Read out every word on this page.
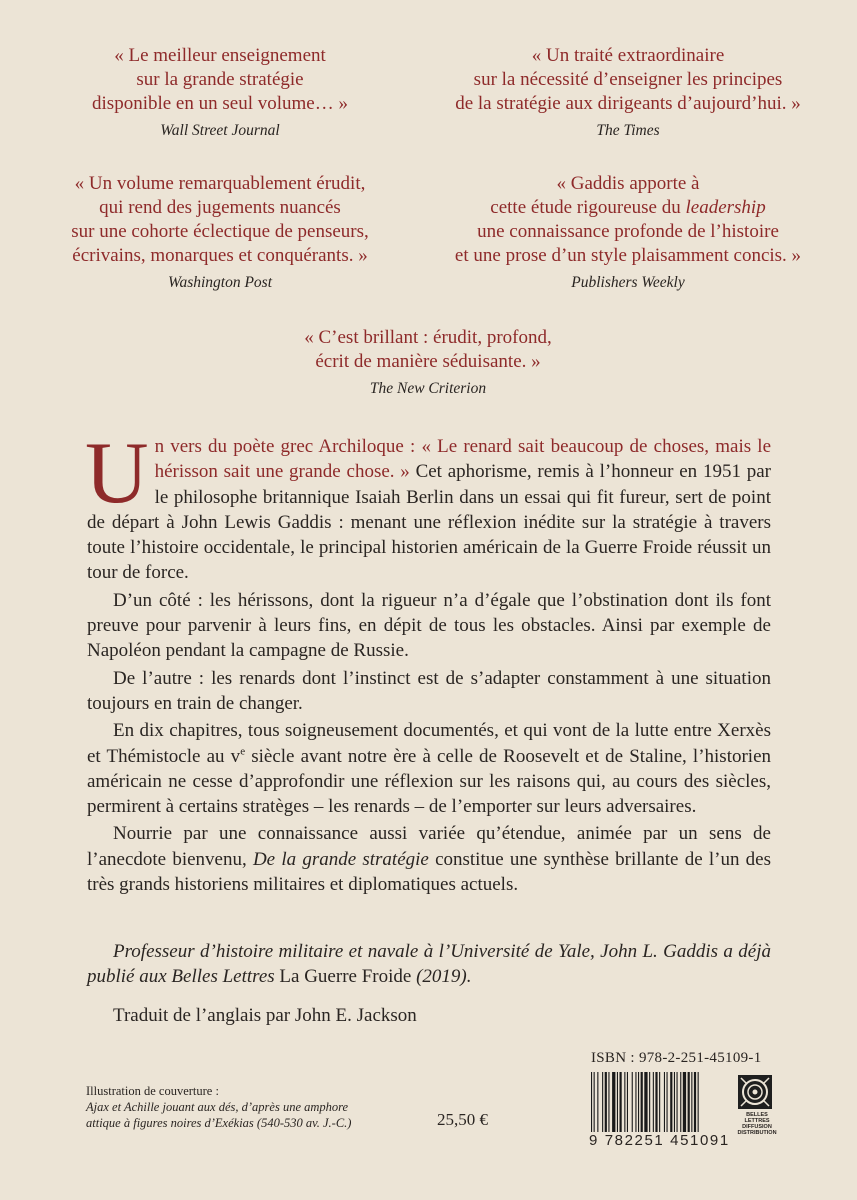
« Le meilleur enseignement
sur la grande stratégie
disponible en un seul volume… »
Wall Street Journal
« Un traité extraordinaire
sur la nécessité d’enseigner les principes
de la stratégie aux dirigeants d’aujourd’hui. »
The Times
« Un volume remarquablement érudit,
qui rend des jugements nuancés
sur une cohorte éclectique de penseurs,
écrivains, monarques et conquérants. »
Washington Post
« Gaddis apporte à
cette étude rigoureuse du leadership
une connaissance profonde de l’histoire
et une prose d’un style plaisamment concis. »
Publishers Weekly
« C’est brillant : érudit, profond,
écrit de manière séduisante. »
The New Criterion

Un vers du poète grec Archiloque : « Le renard sait beaucoup de choses, mais le hérisson sait une grande chose. » Cet aphorisme, remis à l’honneur en 1951 par le philosophe britannique Isaiah Berlin dans un essai qui fit fureur, sert de point de départ à John Lewis Gaddis : menant une réflexion inédite sur la stratégie à travers toute l’histoire occidentale, le principal historien américain de la Guerre Froide réussit un tour de force.

D’un côté : les hérissons, dont la rigueur n’a d’égale que l’obstination dont ils font preuve pour parvenir à leurs fins, en dépit de tous les obstacles. Ainsi par exemple de Napoléon pendant la campagne de Russie.

De l’autre : les renards dont l’instinct est de s’adapter constamment à une situation toujours en train de changer.

En dix chapitres, tous soigneusement documentés, et qui vont de la lutte entre Xerxès et Thémistocle au $v^e$ siècle avant notre ère à celle de Roosevelt et de Staline, l’historien américain ne cesse d’approfondir une réflexion sur les raisons qui, au cours des siècles, permirent à certains stratèges – les renards – de l’emporter sur leurs adversaires.

Nourrie par une connaissance aussi variée qu’étendue, animée par un sens de l’anecdote bienvenu, De la grande stratégie constitue une synthèse brillante de l’un des très grands historiens militaires et diplomatiques actuels.

Professeur d’histoire militaire et navale à l’Université de Yale, John L. Gaddis a déjà publié aux Belles Lettres La Guerre Froide (2019).
Traduit de l’anglais par John E. Jackson
Illustration de couverture :
Ajax et Achille jouant aux dés, d’après une amphore
attique à figures noires d’Exékias (540-530 av. J.-C.)	25,50 €
ISBN : 978-2-251-45109-1
9 782251 451091
BELLES LETTRES
DIFFUSION
DISTRIBUTION
